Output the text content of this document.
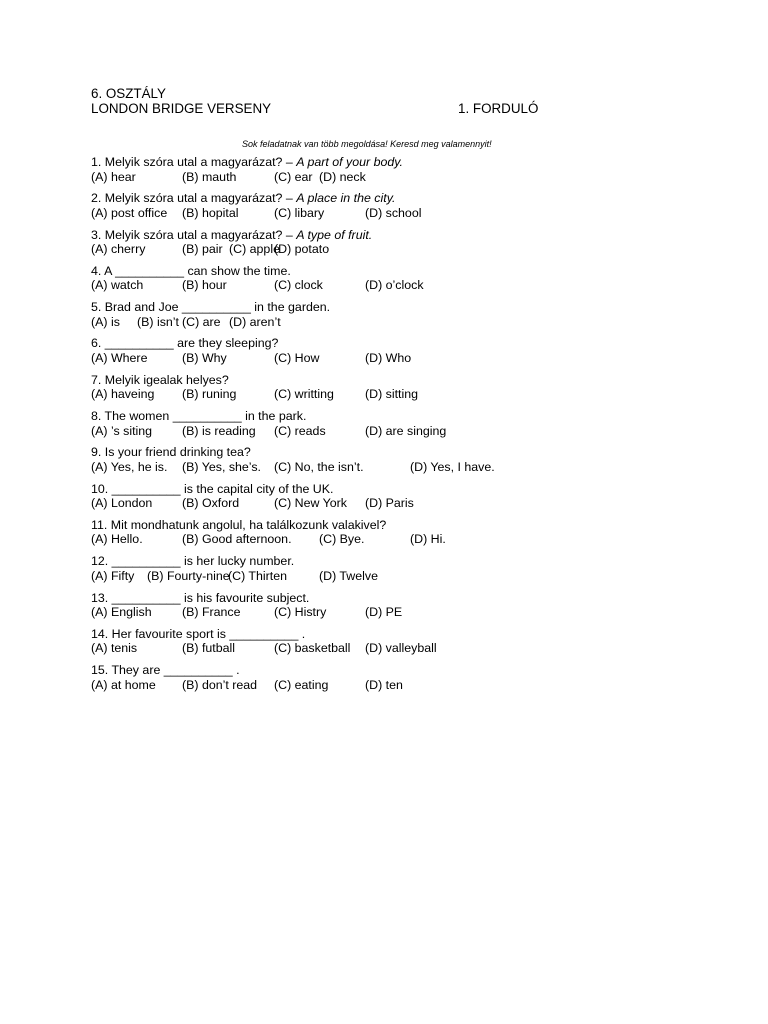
6. OSZTÁLY
LONDON BRIDGE VERSENY	1. FORDULÓ
Sok feladatnak van több megoldása! Keresd meg valamennyit!
1. Melyik szóra utal a magyarázat? – A part of your body.
(A) hear	(B) mauth	(C) ear (D) neck
2. Melyik szóra utal a magyarázat? – A place in the city.
(A) post office (B) hopital	(C) libary	(D) school
3. Melyik szóra utal a magyarázat? – A type of fruit.
(A) cherry	(B) pair (C) apple
(D) potato
4. A __________ can show the time.
(A) watch	(B) hour	(C) clock	(D) o’clock
5. Brad and Joe __________ in the garden.
(A) is (B) isn’t (C) are (D) aren’t
6. __________ are they sleeping?
(A) Where	(B) Why	(C) How	(D) Who
7. Melyik igealak helyes?
(A) haveing (B) runing	(C) writting	(D) sitting
8. The women __________ in the park.
(A) ’s siting (B) is reading (C) reads	(D) are singing
9. Is your friend drinking tea?
(A) Yes, he is. (B) Yes, she’s. (C) No, the isn’t.	(D) Yes, I have.
10. __________ is the capital city of the UK.
(A) London (B) Oxford	(C) New York (D) Paris
11. Mit mondhatunk angolul, ha találkozunk valakivel?
(A) Hello.	(B) Good afternoon. (C) Bye.	(D) Hi.
12. __________ is her lucky number.
(A) Fifty (B) Fourty-nine
(C) Thirten	(D) Twelve
13. __________ is his favourite subject.
(A) English (B) France	(C) Histry	(D) PE
14. Her favourite sport is __________ .
(A) tenis	(B) futball	(C) basketball (D) valleyball
15. They are __________ .
(A) at home (B) don’t read (C) eating	(D) ten
